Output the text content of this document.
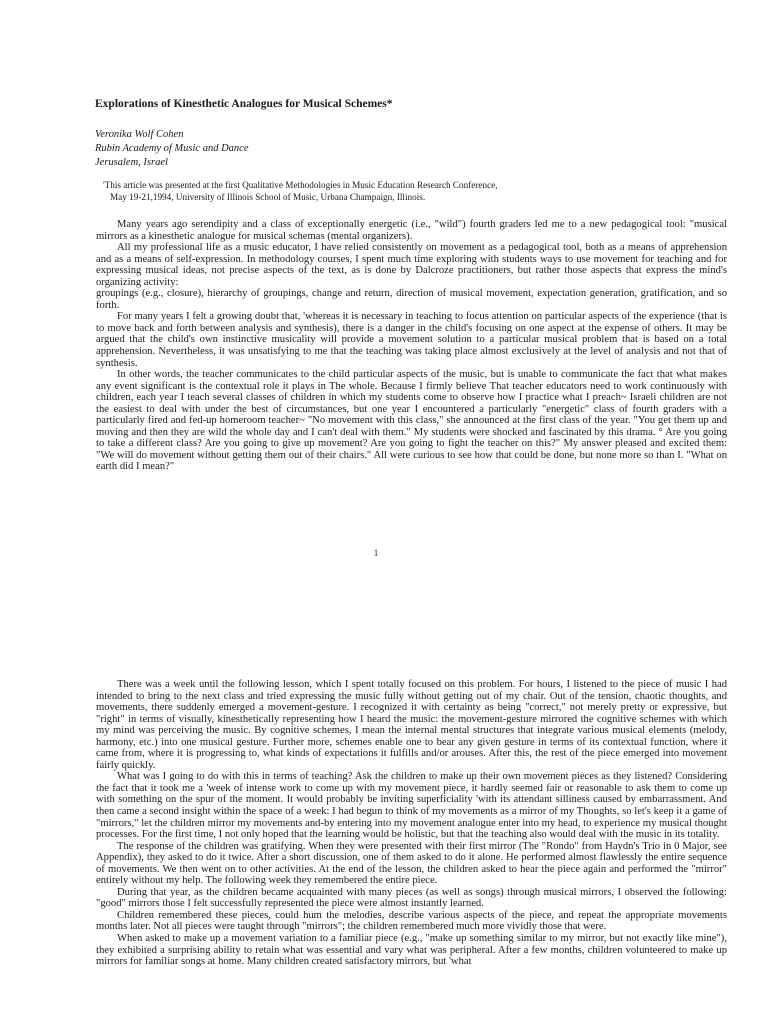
Explorations of Kinesthetic Analogues for Musical Schemes*
Veronika Wolf Cohen
Rubin Academy of Music and Dance
Jerusalem, Israel
'This article was presented at the first Qualitative Methodologies in Music Education Research Conference,
May 19-21,1994, University of Illinois School of Music, Urbana Champaign, Illinois.

Many years ago serendipity and a class of exceptionally energetic (i.e., "wild") fourth graders led me to a new pedagogical tool: "musical mirrors as a kinesthetic analogue for musical schemas (mental organizers).

All my professional life as a music educator, I have relied consistently on movement as a pedagogical tool, both as a means of apprehension and as a means of self-expression. In methodology courses, I spent much time exploring with students ways to use movement for teaching and for expressing musical ideas, not precise aspects of the text, as is done by Dalcroze practitioners, but rather those aspects that express the mind's organizing activity:

groupings (e.g., closure), hierarchy of groupings, change and return, direction of musical movement, expectation generation, gratification, and so forth.

For many years I felt a growing doubt that, 'whereas it is necessary in teaching to focus attention on particular aspects of the experience (that is to move back and forth between analysis and synthesis), there is a danger in the child's focusing on one aspect at the expense of others. It may be argued that the child's own instinctive musicality will provide a movement solution to a particular musical problem that is based on a total apprehension. Nevertheless, it was unsatisfying to me that the teaching was taking place almost exclusively at the level of analysis and not that of synthesis.

In other words, the teacher communicates to the child particular aspects of the music, but is unable to communicate the fact that what makes any event significant is the contextual role it plays in The whole. Because I firmly believe That teacher educators need to work continuously with children, each year I teach several classes of children in which my students come to observe how I practice what I preach~ Israeli children are not the easiest to deal with under the best of circumstances, but one year I encountered a particularly "energetic" class of fourth graders with a particularly fired and fed-up homeroom teacher~ "No movement with this class," she announced at the first class of the year. "You get them up and moving and then they are wild the whole day and I can't deal with them." My students were shocked and fascinated by this drama. ° Are you going to take a different class? Are you going to give up movement? Are you going to fight the teacher on this?" My answer pleased and excited them: "We will do movement without getting them out of their chairs." All were curious to see how that could be done, but none more so than I. "What on earth did I mean?"

1

There was a week until the following lesson, which I spent totally focused on this problem. For hours, I listened to the piece of music I had intended to bring to the next class and tried expressing the music fully without getting out of my chair. Out of the tension, chaotic thoughts, and movements, there suddenly emerged a movement-gesture. I recognized it with certainty as being "correct," not merely pretty or expressive, but "right" in terms of visually, kinesthetically representing how I heard the music: the movement-gesture mirrored the cognitive schemes with which my mind was perceiving the music. By cognitive schemes, I mean the internal mental structures that integrate various musical elements (melody, harmony, etc.) into one musical gesture. Further more, schemes enable one to bear any given gesture in terms of its contextual function, where it came from, where it is progressing to, what kinds of expectations it fulfills and/or arouses. After this, the rest of the piece emerged into movement fairly quickly.

What was I going to do with this in terms of teaching? Ask the children to make up their own movement pieces as they listened? Considering the fact that it took me a 'week of intense work to come up with my movement piece, it hardly seemed fair or reasonable to ask them to come up with something on the spur of the moment. It would probably be inviting superficiality 'with its attendant silliness caused by embarrassment. And then came a second insight within the space of a week: I had begun to think of my movements as a mirror of my Thoughts, so let's keep it a game of "mirrors," let the children mirror my movements and-by entering into my movement analogue enter into my head, to experience my musical thought processes. For the first time, I not only hoped that the learning would be holistic, but that the teaching also would deal with the music in its totality.

The response of the children was gratifying. When they were presented with their first mirror (The "Rondo" from Haydn's Trio in 0 Major, see Appendix), they asked to do it twice. After a short discussion, one of them asked to do it alone. He performed almost flawlessly the entire sequence of movements. We then went on to other activities. At the end of the lesson, the children asked to hear the piece again and performed the "mirror" entirely without my help. The following week they remembered the entire piece.

During that year, as the children became acquainted with many pieces (as well as songs) through musical mirrors, I observed the following: "good" mirrors those I felt successfully represented the piece were almost instantly learned.

Children remembered these pieces, could hum the melodies, describe various aspects of the piece, and repeat the appropriate movements months later. Not all pieces were taught through "mirrors"; the children remembered much more vividly those that were.

When asked to make up a movement variation to a familiar piece (e.g., "make up something similar to my mirror, but not exactly like mine"), they exhibited a surprising ability to retain what was essential and vary what was peripheral. After a few months, children volunteered to make up mirrors for familiar songs at home. Many children created satisfactory mirrors, but 'what
